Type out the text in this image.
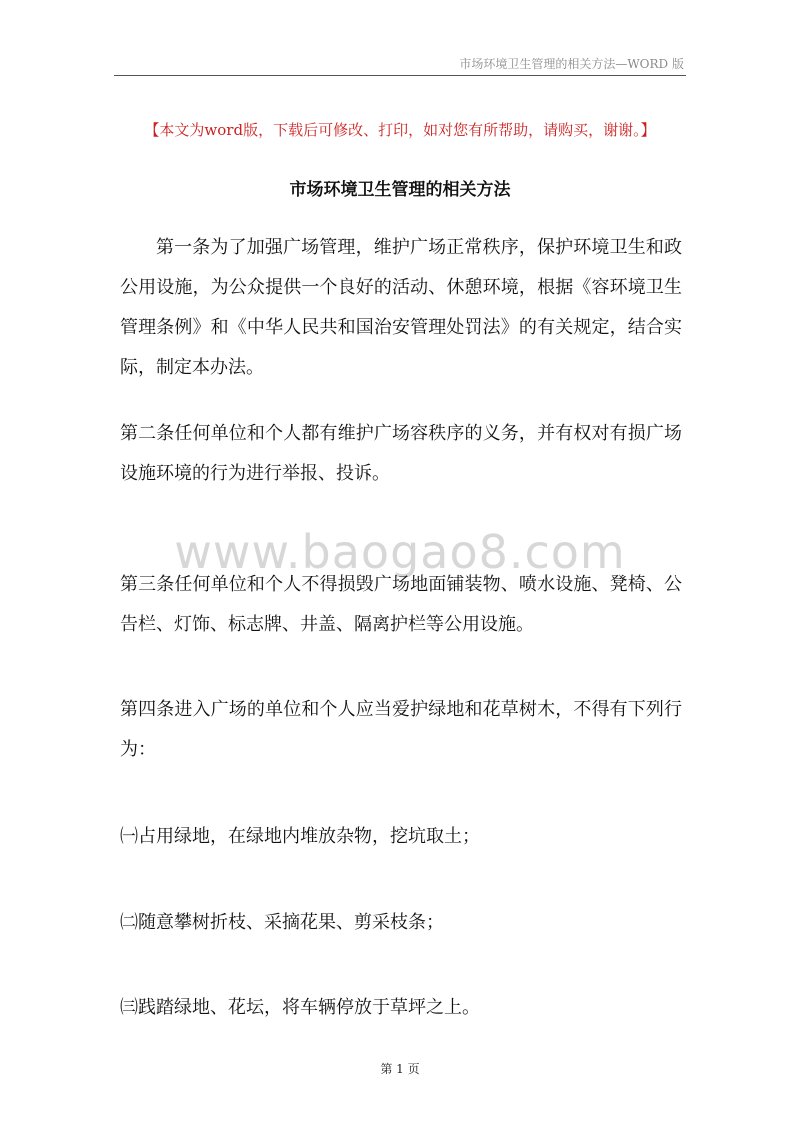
市场环境卫生管理的相关方法—WORD 版
【本文为word版，下载后可修改、打印，如对您有所帮助，请购买，谢谢。】
市场环境卫生管理的相关方法
第一条为了加强广场管理，维护广场正常秩序，保护环境卫生和政公用设施，为公众提供一个良好的活动、休憩环境，根据《容环境卫生管理条例》和《中华人民共和国治安管理处罚法》的有关规定，结合实际，制定本办法。
第二条任何单位和个人都有维护广场容秩序的义务，并有权对有损广场设施环境的行为进行举报、投诉。
www.baogao8.com
第三条任何单位和个人不得损毁广场地面铺装物、喷水设施、凳椅、公告栏、灯饰、标志牌、井盖、隔离护栏等公用设施。
第四条进入广场的单位和个人应当爱护绿地和花草树木，不得有下列行为：
㈠占用绿地，在绿地内堆放杂物，挖坑取土；
㈡随意攀树折枝、采摘花果、剪采枝条；
㈢践踏绿地、花坛，将车辆停放于草坪之上。
第 1 页
